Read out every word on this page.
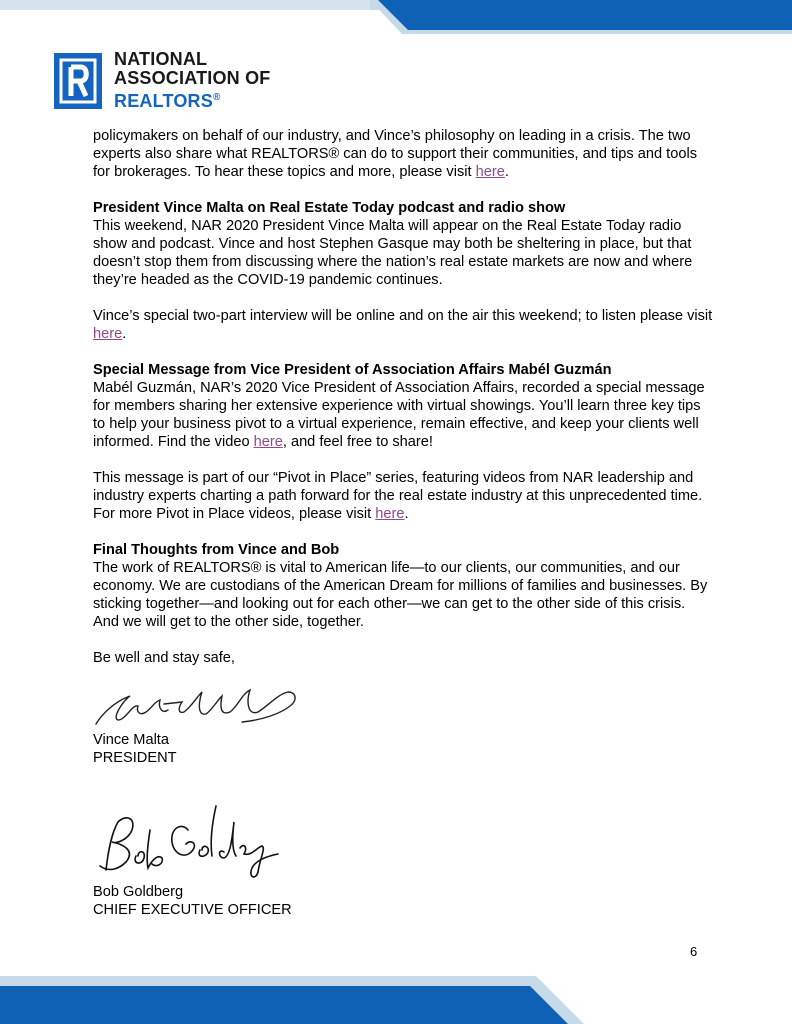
NATIONAL
ASSOCIATION OF
REALTORS®

policymakers on behalf of our industry, and Vince’s philosophy on leading in a crisis. The two experts also share what REALTORS® can do to support their communities, and tips and tools for brokerages. To hear these topics and more, please visit here.

President Vince Malta on Real Estate Today podcast and radio show

This weekend, NAR 2020 President Vince Malta will appear on the Real Estate Today radio show and podcast. Vince and host Stephen Gasque may both be sheltering in place, but that doesn’t stop them from discussing where the nation’s real estate markets are now and where they’re headed as the COVID-19 pandemic continues.

Vince’s special two-part interview will be online and on the air this weekend; to listen please visit here.

Special Message from Vice President of Association Affairs Mabél Guzmán

Mabél Guzmán, NAR’s 2020 Vice President of Association Affairs, recorded a special message for members sharing her extensive experience with virtual showings. You’ll learn three key tips to help your business pivot to a virtual experience, remain effective, and keep your clients well informed. Find the video here, and feel free to share!

This message is part of our “Pivot in Place” series, featuring videos from NAR leadership and industry experts charting a path forward for the real estate industry at this unprecedented time. For more Pivot in Place videos, please visit here.

Final Thoughts from Vince and Bob

The work of REALTORS® is vital to American life—to our clients, our communities, and our economy. We are custodians of the American Dream for millions of families and businesses. By sticking together—and looking out for each other—we can get to the other side of this crisis. And we will get to the other side, together.

Be well and stay safe,

Vince Malta
PRESIDENT
Bob Goldberg
CHIEF EXECUTIVE OFFICER
6
